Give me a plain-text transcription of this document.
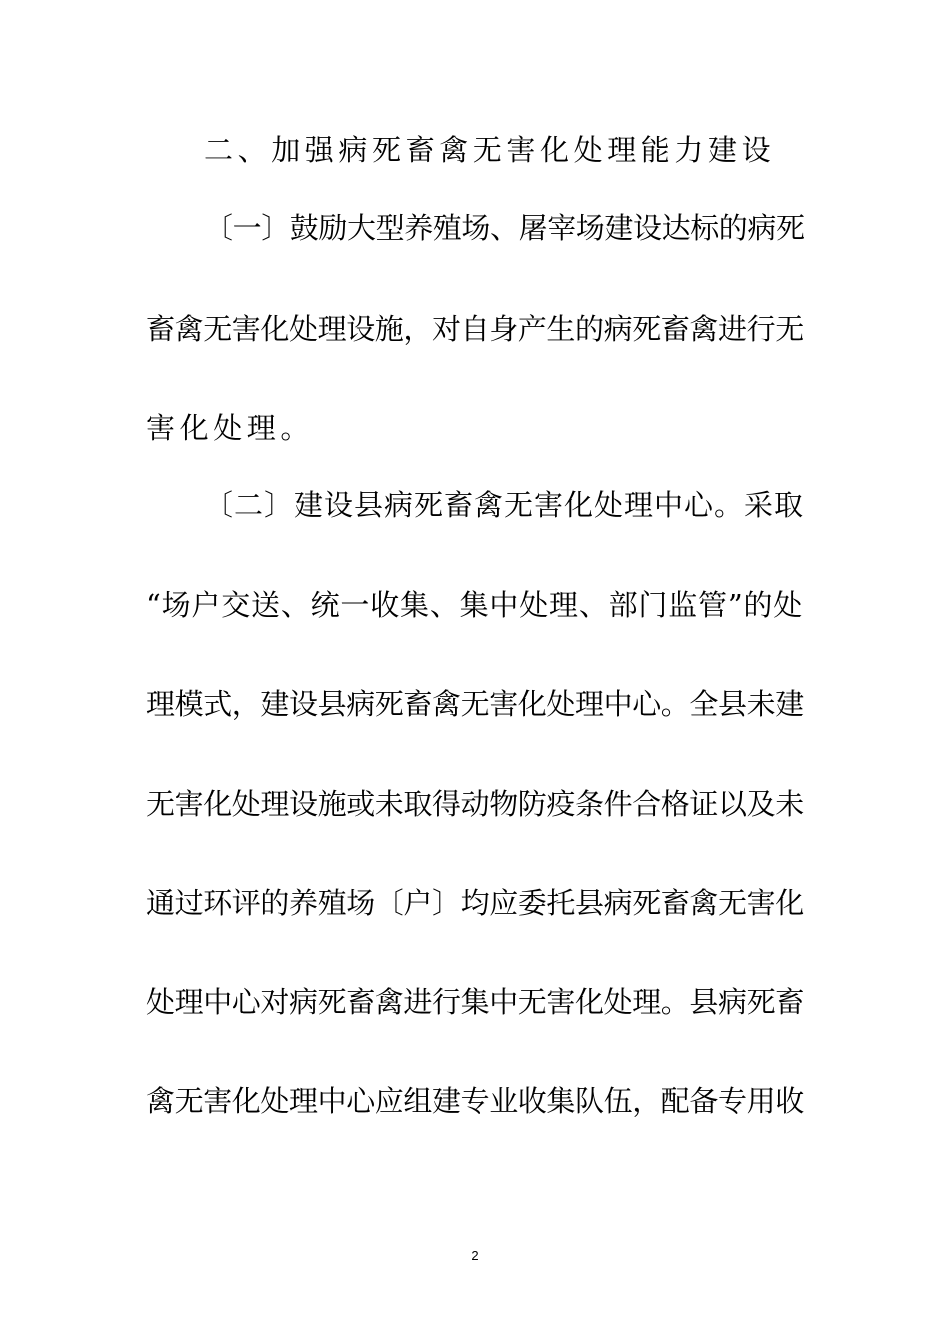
二、加强病死畜禽无害化处理能力建设

〔一〕鼓励大型养殖场、屠宰场建设达标的病死

畜禽无害化处理设施，对自身产生的病死畜禽进行无

害化处理。

〔二〕建设县病死畜禽无害化处理中心。采取

“场户交送、统一收集、集中处理、部门监管”的处

理模式，建设县病死畜禽无害化处理中心。全县未建

无害化处理设施或未取得动物防疫条件合格证以及未

通过环评的养殖场〔户〕均应委托县病死畜禽无害化

处理中心对病死畜禽进行集中无害化处理。县病死畜

禽无害化处理中心应组建专业收集队伍，配备专用收

2
